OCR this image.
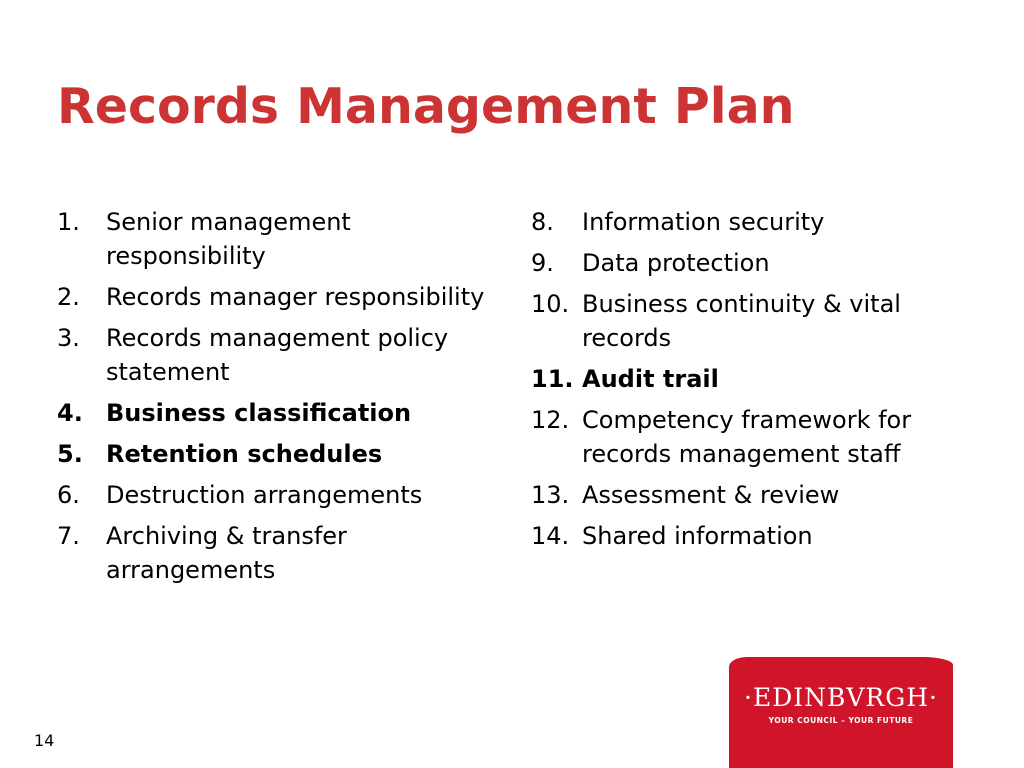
Records Management Plan
1.	Senior management responsibility
2.	Records manager responsibility
3.	Records management policy statement
4. Business classification
5. Retention schedules
6.	Destruction arrangements
7.	Archiving & transfer arrangements
8.	Information security
9.	Data protection
10. Business continuity & vital records
11. Audit trail
12. Competency framework for records management staff
13. Assessment & review
14. Shared information
14
·EDINBVRGH·
YOUR COUNCIL – YOUR FUTURE
